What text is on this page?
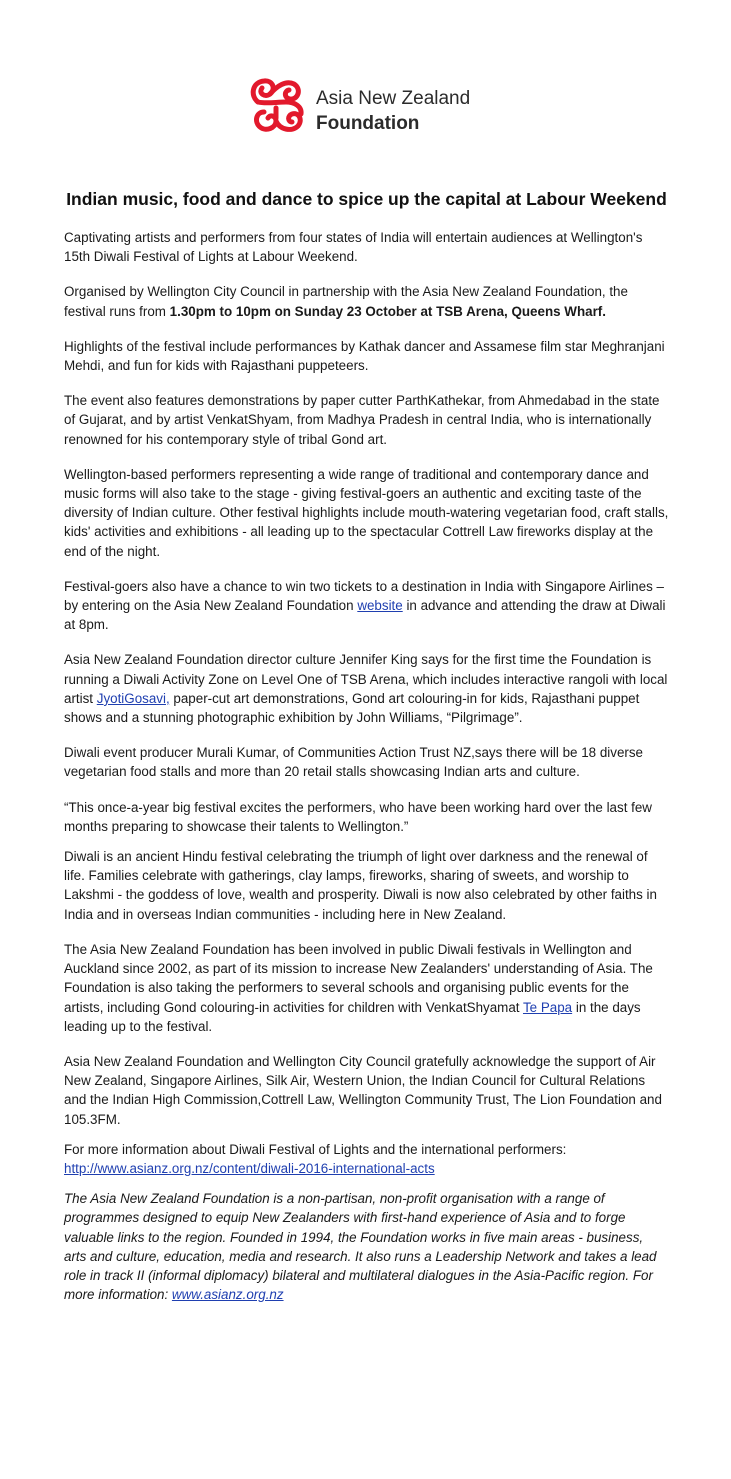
Asia New Zealand
Foundation
Indian music, food and dance to spice up the capital at Labour Weekend

Captivating artists and performers from four states of India will entertain audiences at Wellington's 15th Diwali Festival of Lights at Labour Weekend.

Organised by Wellington City Council in partnership with the Asia New Zealand Foundation, the festival runs from 1.30pm to 10pm on Sunday 23 October at TSB Arena, Queens Wharf.

Highlights of the festival include performances by Kathak dancer and Assamese film star Meghranjani Mehdi, and fun for kids with Rajasthani puppeteers.

The event also features demonstrations by paper cutter ParthKathekar, from Ahmedabad in the state of Gujarat, and by artist VenkatShyam, from Madhya Pradesh in central India, who is internationally renowned for his contemporary style of tribal Gond art.

Wellington-based performers representing a wide range of traditional and contemporary dance and music forms will also take to the stage - giving festival-goers an authentic and exciting taste of the diversity of Indian culture. Other festival highlights include mouth-watering vegetarian food, craft stalls, kids' activities and exhibitions - all leading up to the spectacular Cottrell Law fireworks display at the end of the night.

Festival-goers also have a chance to win two tickets to a destination in India with Singapore Airlines – by entering on the Asia New Zealand Foundation website in advance and attending the draw at Diwali at 8pm.

Asia New Zealand Foundation director culture Jennifer King says for the first time the Foundation is running a Diwali Activity Zone on Level One of TSB Arena, which includes interactive rangoli with local artist JyotiGosavi, paper-cut art demonstrations, Gond art colouring-in for kids, Rajasthani puppet shows and a stunning photographic exhibition by John Williams, “Pilgrimage”.

Diwali event producer Murali Kumar, of Communities Action Trust NZ,says there will be 18 diverse vegetarian food stalls and more than 20 retail stalls showcasing Indian arts and culture.

“This once-a-year big festival excites the performers, who have been working hard over the last few months preparing to showcase their talents to Wellington.”

Diwali is an ancient Hindu festival celebrating the triumph of light over darkness and the renewal of life. Families celebrate with gatherings, clay lamps, fireworks, sharing of sweets, and worship to Lakshmi - the goddess of love, wealth and prosperity. Diwali is now also celebrated by other faiths in India and in overseas Indian communities - including here in New Zealand.

The Asia New Zealand Foundation has been involved in public Diwali festivals in Wellington and Auckland since 2002, as part of its mission to increase New Zealanders' understanding of Asia. The Foundation is also taking the performers to several schools and organising public events for the artists, including Gond colouring-in activities for children with VenkatShyamat Te Papa in the days leading up to the festival.

Asia New Zealand Foundation and Wellington City Council gratefully acknowledge the support of Air New Zealand, Singapore Airlines, Silk Air, Western Union, the Indian Council for Cultural Relations and the Indian High Commission,Cottrell Law, Wellington Community Trust, The Lion Foundation and 105.3FM.

For more information about Diwali Festival of Lights and the international performers:
http://www.asianz.org.nz/content/diwali-2016-international-acts

The Asia New Zealand Foundation is a non-partisan, non-profit organisation with a range of programmes designed to equip New Zealanders with first-hand experience of Asia and to forge valuable links to the region. Founded in 1994, the Foundation works in five main areas - business, arts and culture, education, media and research. It also runs a Leadership Network and takes a lead role in track II (informal diplomacy) bilateral and multilateral dialogues in the Asia-Pacific region. For more information: www.asianz.org.nz
